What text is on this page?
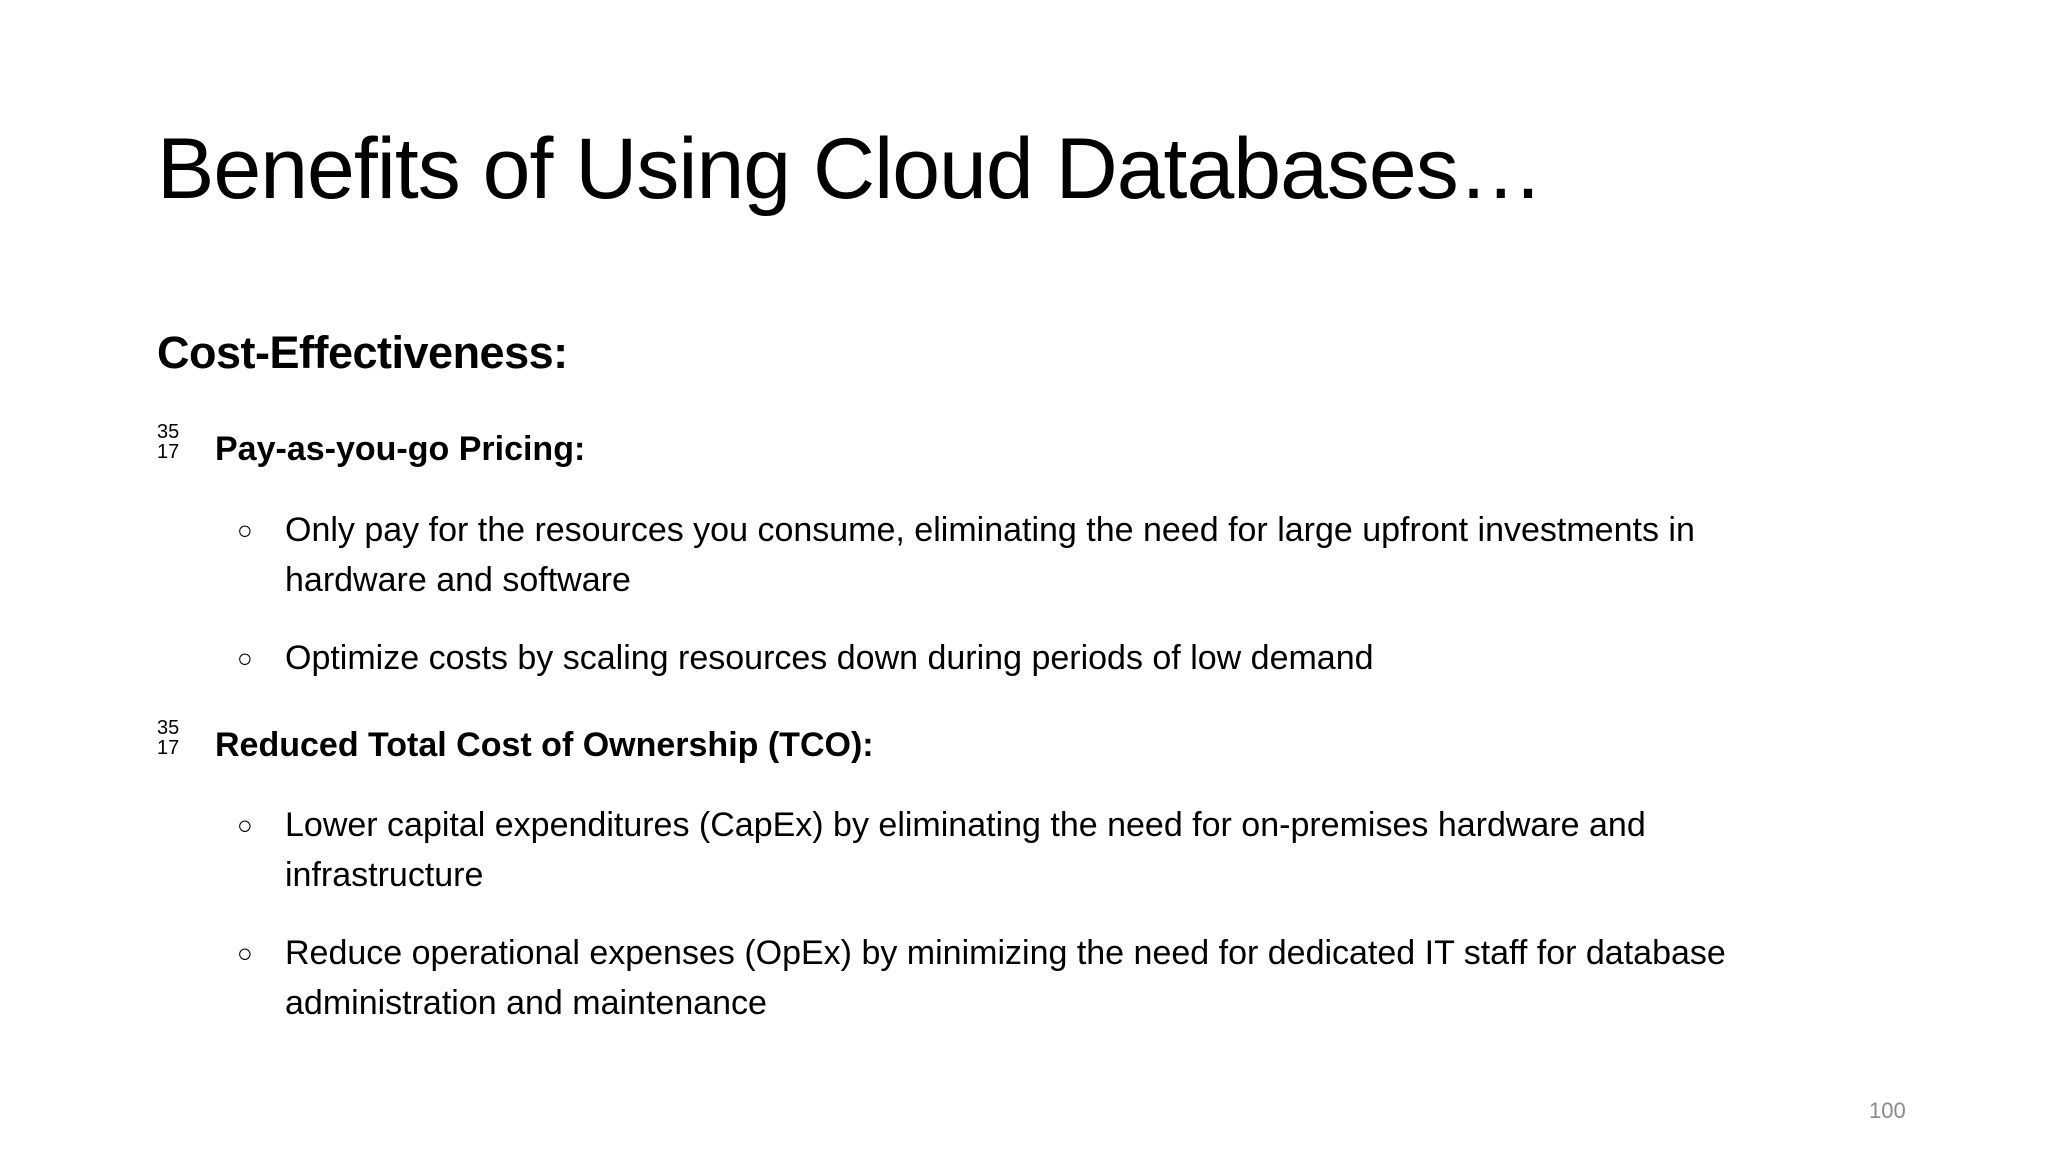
Benefits of Using Cloud Databases…
Cost-Effectiveness:
35
17 Pay-as-you-go Pricing:
○ Only pay for the resources you consume, eliminating the need for large upfront investments in hardware and software
○ Optimize costs by scaling resources down during periods of low demand
35
17 Reduced Total Cost of Ownership (TCO):
○ Lower capital expenditures (CapEx) by eliminating the need for on-premises hardware and infrastructure
○ Reduce operational expenses (OpEx) by minimizing the need for dedicated IT staff for database administration and maintenance
100
